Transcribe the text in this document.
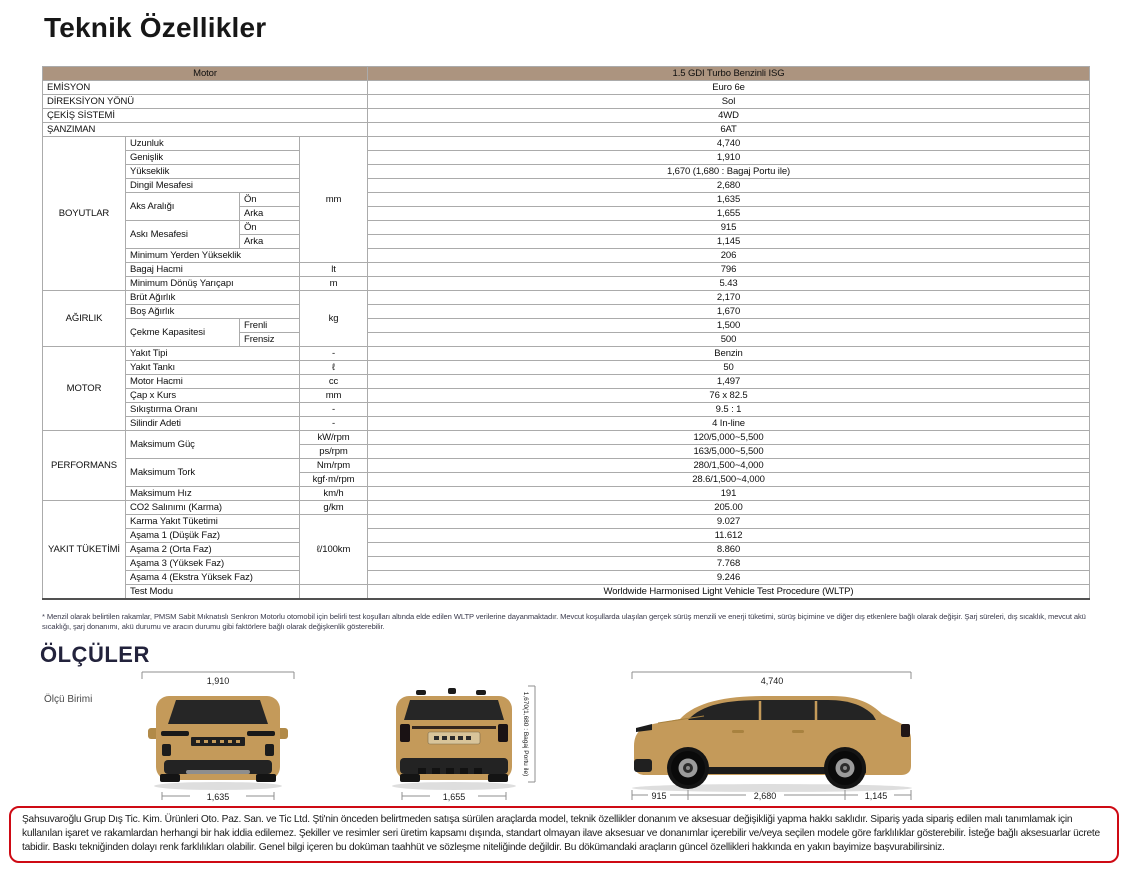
Teknik Özellikler
Motor				1.5 GDI Turbo Benzinli ISG
EMİSYON				Euro 6e
DİREKSİYON YÖNÜ				Sol
ÇEKİŞ SİSTEMİ				4WD
ŞANZIMAN				6AT
BOYUTLAR	Uzunluk		mm	4,740
	Genişlik			1,910
	Yükseklik			1,670 (1,680 : Bagaj Portu ile)
	Dingil Mesafesi			2,680
	Aks Aralığı	Ön		1,635
		Arka		1,655
	Askı Mesafesi	Ön		915
		Arka		1,145
	Minimum Yerden Yükseklik			206
	Bagaj Hacmi		lt	796
	Minimum Dönüş Yarıçapı		m	5.43
AĞIRLIK	Brüt Ağırlık		kg	2,170
	Boş Ağırlık			1,670
	Çekme Kapasitesi	Frenli		1,500
		Frensiz		500
MOTOR	Yakıt Tipi		-	Benzin
	Yakıt Tankı		ℓ	50
	Motor Hacmi		cc	1,497
	Çap x Kurs		mm	76 x 82.5
	Sıkıştırma Oranı		-	9.5 : 1
	Silindir Adeti		-	4 In-line
PERFORMANS	Maksimum Güç		kW/rpm	120/5,000~5,500
			ps/rpm	163/5,000~5,500
	Maksimum Tork		Nm/rpm	280/1,500~4,000
			kgf·m/rpm	28.6/1,500~4,000
	Maksimum Hız		km/h	191
YAKIT TÜKETİMİ	CO2 Salınımı (Karma)		g/km	205.00
	Karma Yakıt Tüketimi		ℓ/100km	9.027
	Aşama 1 (Düşük Faz)			11.612
	Aşama 2 (Orta Faz)			8.860
	Aşama 3 (Yüksek Faz)			7.768
	Aşama 4 (Ekstra Yüksek Faz)			9.246
	Test Modu			Worldwide Harmonised Light Vehicle Test Procedure (WLTP)
* Menzil olarak belirtilen rakamlar, PMSM Sabit Mıknatıslı Senkron Motorlu otomobil için belirli test koşulları altında elde edilen WLTP verilerine dayanmaktadır. Mevcut koşullarda ulaşılan gerçek sürüş menzili ve enerji tüketimi, sürüş biçimine ve diğer dış etkenlere bağlı olarak değişir. Şarj süreleri, dış sıcaklık, mevcut akü sıcaklığı, şarj donanımı, akü durumu ve aracın durumu gibi faktörlere bağlı olarak değişkenlik gösterebilir.
ÖLÇÜLER
Ölçü Birimi
1,910
1,635	1,655
1,670(1,680 : Bagaj Portu ile)
4,740
915	2,680	1,145
Şahsuvaroğlu Grup Dış Tic. Kim. Ürünleri Oto. Paz. San. ve Tic Ltd. Şti'nin önceden belirtmeden satışa sürülen araçlarda model, teknik özellikler donanım ve aksesuar değişikliği yapma hakkı saklıdır. Sipariş yada sipariş edilen malı tanımlamak için kullanılan işaret ve rakamlardan herhangi bir hak iddia edilemez. Şekiller ve resimler seri üretim kapsamı dışında, standart olmayan ilave aksesuar ve donanımlar içerebilir ve/veya seçilen modele göre farklılıklar gösterebilir. İsteğe bağlı aksesuarlar ücrete tabidir. Baskı tekniğinden dolayı renk farklılıkları olabilir. Genel bilgi içeren bu doküman taahhüt ve sözleşme niteliğinde değildir. Bu dökümandaki araçların güncel özellikleri hakkında en yakın bayimize başvurabilirsiniz.
